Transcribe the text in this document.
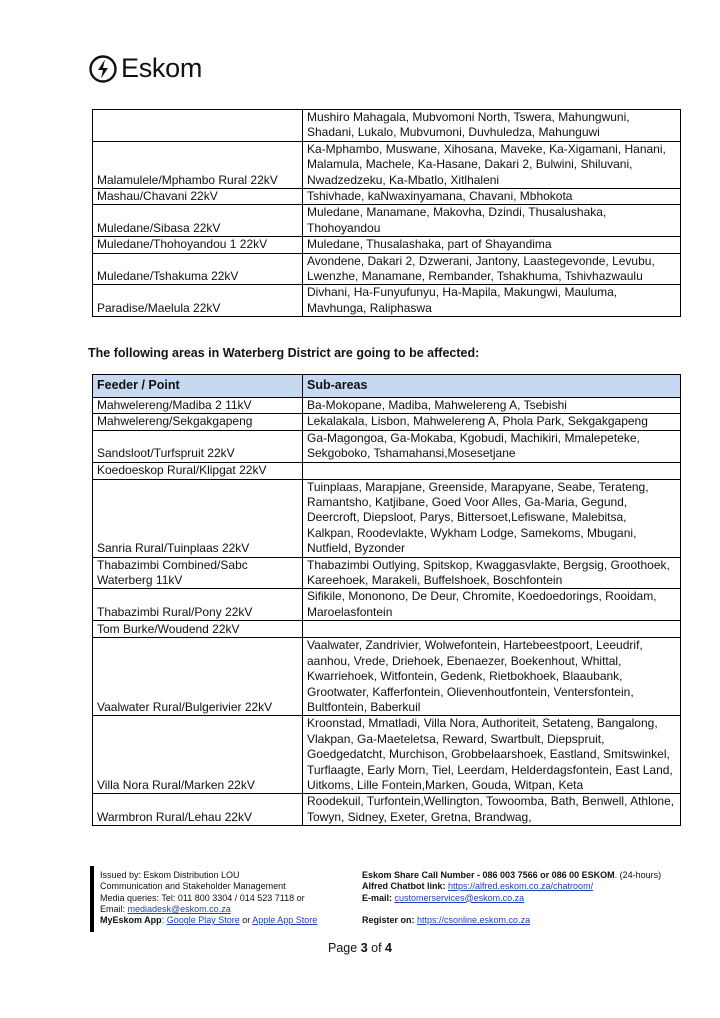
Eskom
	Mushiro Mahagala, Mubvomoni North, Tswera, Mahungwuni, Shadani, Lukalo, Mubvumoni, Duvhuledza, Mahunguwi
Malamulele/Mphambo Rural 22kV	Ka-Mphambo, Muswane, Xihosana, Maveke, Ka-Xigamani, Hanani, Malamula, Machele, Ka-Hasane, Dakari 2, Bulwini, Shiluvani, Nwadzedzeku, Ka-Mbatlo, Xitlhaleni
Mashau/Chavani 22kV	Tshivhade, kaNwaxinyamana, Chavani, Mbhokota
Muledane/Sibasa 22kV	Muledane, Manamane, Makovha, Dzindi, Thusalushaka, Thohoyandou
Muledane/Thohoyandou 1 22kV	Muledane, Thusalashaka, part of Shayandima
Muledane/Tshakuma 22kV	Avondene, Dakari 2, Dzwerani, Jantony, Laastegevonde, Levubu, Lwenzhe, Manamane, Rembander, Tshakhuma, Tshivhazwaulu
Paradise/Maelula 22kV	Divhani, Ha-Funyufunyu, Ha-Mapila, Makungwi, Mauluma, Mavhunga, Raliphaswa
The following areas in Waterberg District are going to be affected:
Feeder / Point	Sub-areas
Mahwelereng/Madiba 2 11kV	Ba-Mokopane, Madiba, Mahwelereng A, Tsebishi
Mahwelereng/Sekgakgapeng	Lekalakala, Lisbon, Mahwelereng A, Phola Park, Sekgakgapeng
Sandsloot/Turfspruit 22kV	Ga-Magongoa, Ga-Mokaba, Kgobudi, Machikiri, Mmalepeteke, Sekgoboko, Tshamahansi,Mosesetjane
Koedoeskop Rural/Klipgat 22kV	
Sanria Rural/Tuinplaas 22kV	Tuinplaas, Marapjane, Greenside, Marapyane, Seabe, Terateng, Ramantsho, Katjibane, Goed Voor Alles, Ga-Maria, Gegund, Deercroft, Diepsloot, Parys, Bittersoet,Lefiswane, Malebitsa, Kalkpan, Roodevlakte, Wykham Lodge, Samekoms, Mbugani, Nutfield, Byzonder
Thabazimbi Combined/Sabc Waterberg 11kV	Thabazimbi Outlying, Spitskop, Kwaggasvlakte, Bergsig, Groothoek, Kareehoek, Marakeli, Buffelshoek, Boschfontein
Thabazimbi Rural/Pony 22kV	Sifikile, Mononono, De Deur, Chromite, Koedoedorings, Rooidam, Maroelasfontein
Tom Burke/Woudend 22kV	
Vaalwater Rural/Bulgerivier 22kV	Vaalwater, Zandrivier, Wolwefontein, Hartebeestpoort, Leeudrif, aanhou, Vrede, Driehoek, Ebenaezer, Boekenhout, Whittal, Kwarriehoek, Witfontein, Gedenk, Rietbokhoek, Blaaubank, Grootwater, Kafferfontein, Olievenhoutfontein, Ventersfontein, Bultfontein, Baberkuil
Villa Nora Rural/Marken 22kV	Kroonstad, Mmatladi, Villa Nora, Authoriteit, Setateng, Bangalong, Vlakpan, Ga-Maeteletsa, Reward, Swartbult, Diepspruit, Goedgedatcht, Murchison, Grobbelaarshoek, Eastland, Smitswinkel, Turflaagte, Early Morn, Tiel, Leerdam, Helderdagsfontein, East Land, Uitkoms, Lille Fontein,Marken, Gouda, Witpan, Keta
Warmbron Rural/Lehau 22kV	Roodekuil, Turfontein,Wellington, Towoomba, Bath, Benwell, Athlone, Towyn, Sidney, Exeter, Gretna, Brandwag,
Issued by: Eskom Distribution LOU
Communication and Stakeholder Management
Media queries: Tel: 011 800 3304 / 014 523 7118 or
Email: mediadesk@eskom.co.za
MyEskom App: Google Play Store or Apple App Store
Eskom Share Call Number - 086 003 7566 or 086 00 ESKOM. (24-hours)
Alfred Chatbot link: https://alfred.eskom.co.za/chatroom/
E-mail: customerservices@eskom.co.za
Register on: https://csonline.eskom.co.za
Page 3 of 4
